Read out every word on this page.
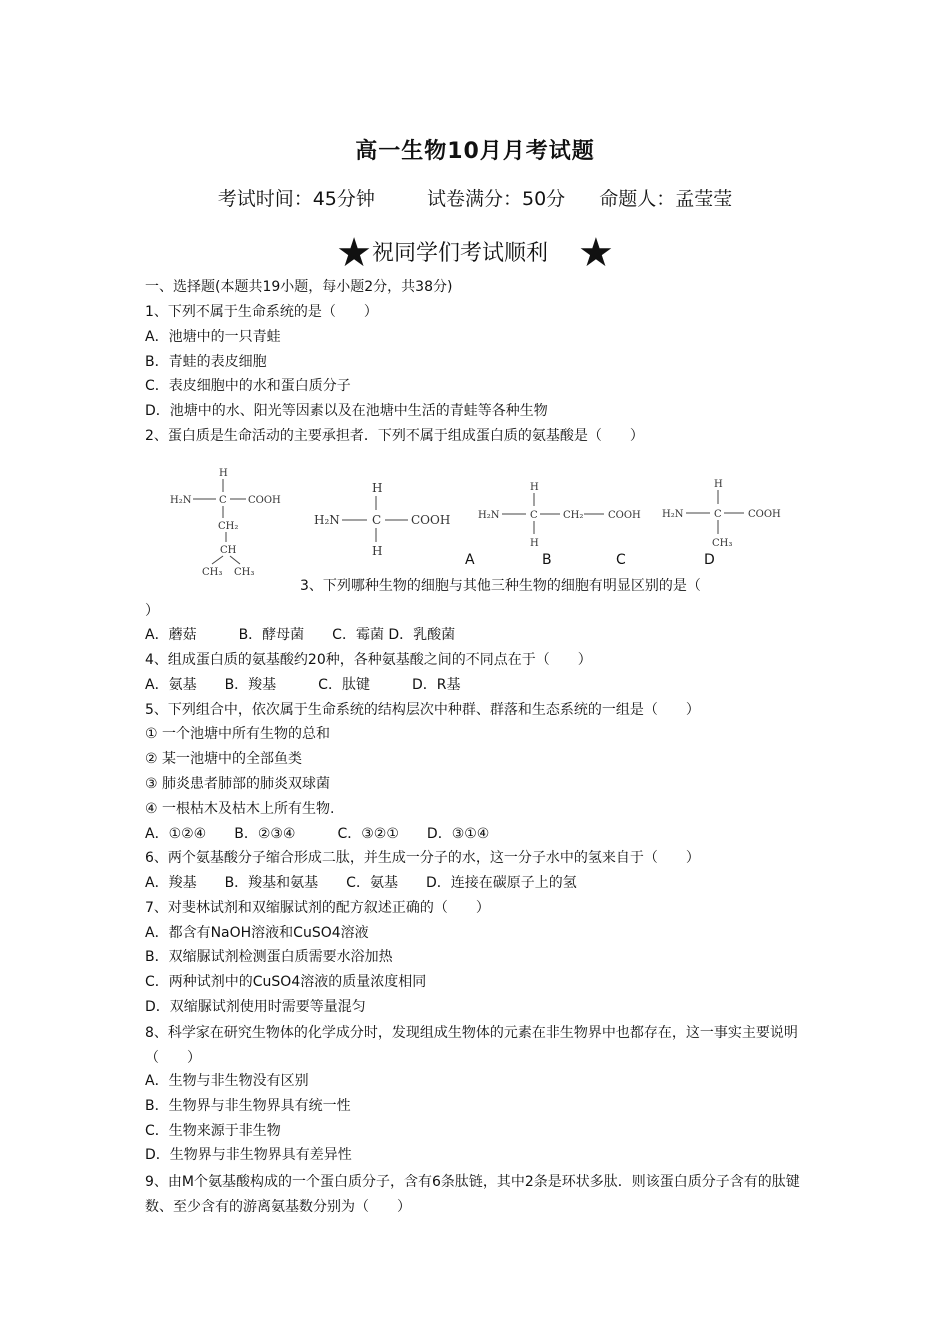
高一生物10月月考试题
考试时间：45分钟	试卷满分：50分 命题人：孟莹莹
★祝同学们考试顺利 ★
一、选择题(本题共19小题，每小题2分，共38分)
1、下列不属于生命系统的是（　　）
A．池塘中的一只青蛙
B．青蛙的表皮细胞
C．表皮细胞中的水和蛋白质分子
D．池塘中的水、阳光等因素以及在池塘中生活的青蛙等各种生物
2、蛋白质是生命活动的主要承担者．下列不属于组成蛋白质的氨基酸是（　　）
H
H₂N	C COOH
CH₂
CH
CH₃ CH₃
H
H₂N	C COOH
H
H
H₂N	C	CH₂ COOH
H
H
H₂N	C	COOH
CH₃
A	B	C	D
3、下列哪种生物的细胞与其他三种生物的细胞有明显区别的是（
）
A．蘑菇　　　B．酵母菌　　C．霉菌 D．乳酸菌
4、组成蛋白质的氨基酸约20种，各种氨基酸之间的不同点在于（　　）
A．氨基　　B．羧基　　　C．肽键　　　D．R基
5、下列组合中，依次属于生命系统的结构层次中种群、群落和生态系统的一组是（　　）
① 一个池塘中所有生物的总和
② 某一池塘中的全部鱼类
③ 肺炎患者肺部的肺炎双球菌
④ 一根枯木及枯木上所有生物.
A．①②④　　B．②③④　　　C．③②①　　D．③①④
6、两个氨基酸分子缩合形成二肽，并生成一分子的水，这一分子水中的氢来自于（　　）
A．羧基　　B．羧基和氨基　　C．氨基　　D．连接在碳原子上的氢
7、对斐林试剂和双缩脲试剂的配方叙述正确的（　　）
A．都含有NaOH溶液和CuSO4溶液
B．双缩脲试剂检测蛋白质需要水浴加热
C．两种试剂中的CuSO4溶液的质量浓度相同
D．双缩脲试剂使用时需要等量混匀
8、科学家在研究生物体的化学成分时，发现组成生物体的元素在非生物界中也都存在，这一事实主要说明（　　）
A．生物与非生物没有区别
B．生物界与非生物界具有统一性
C．生物来源于非生物
D．生物界与非生物界具有差异性
9、由M个氨基酸构成的一个蛋白质分子，含有6条肽链，其中2条是环状多肽．则该蛋白质分子含有的肽键数、至少含有的游离氨基数分别为（　　）
